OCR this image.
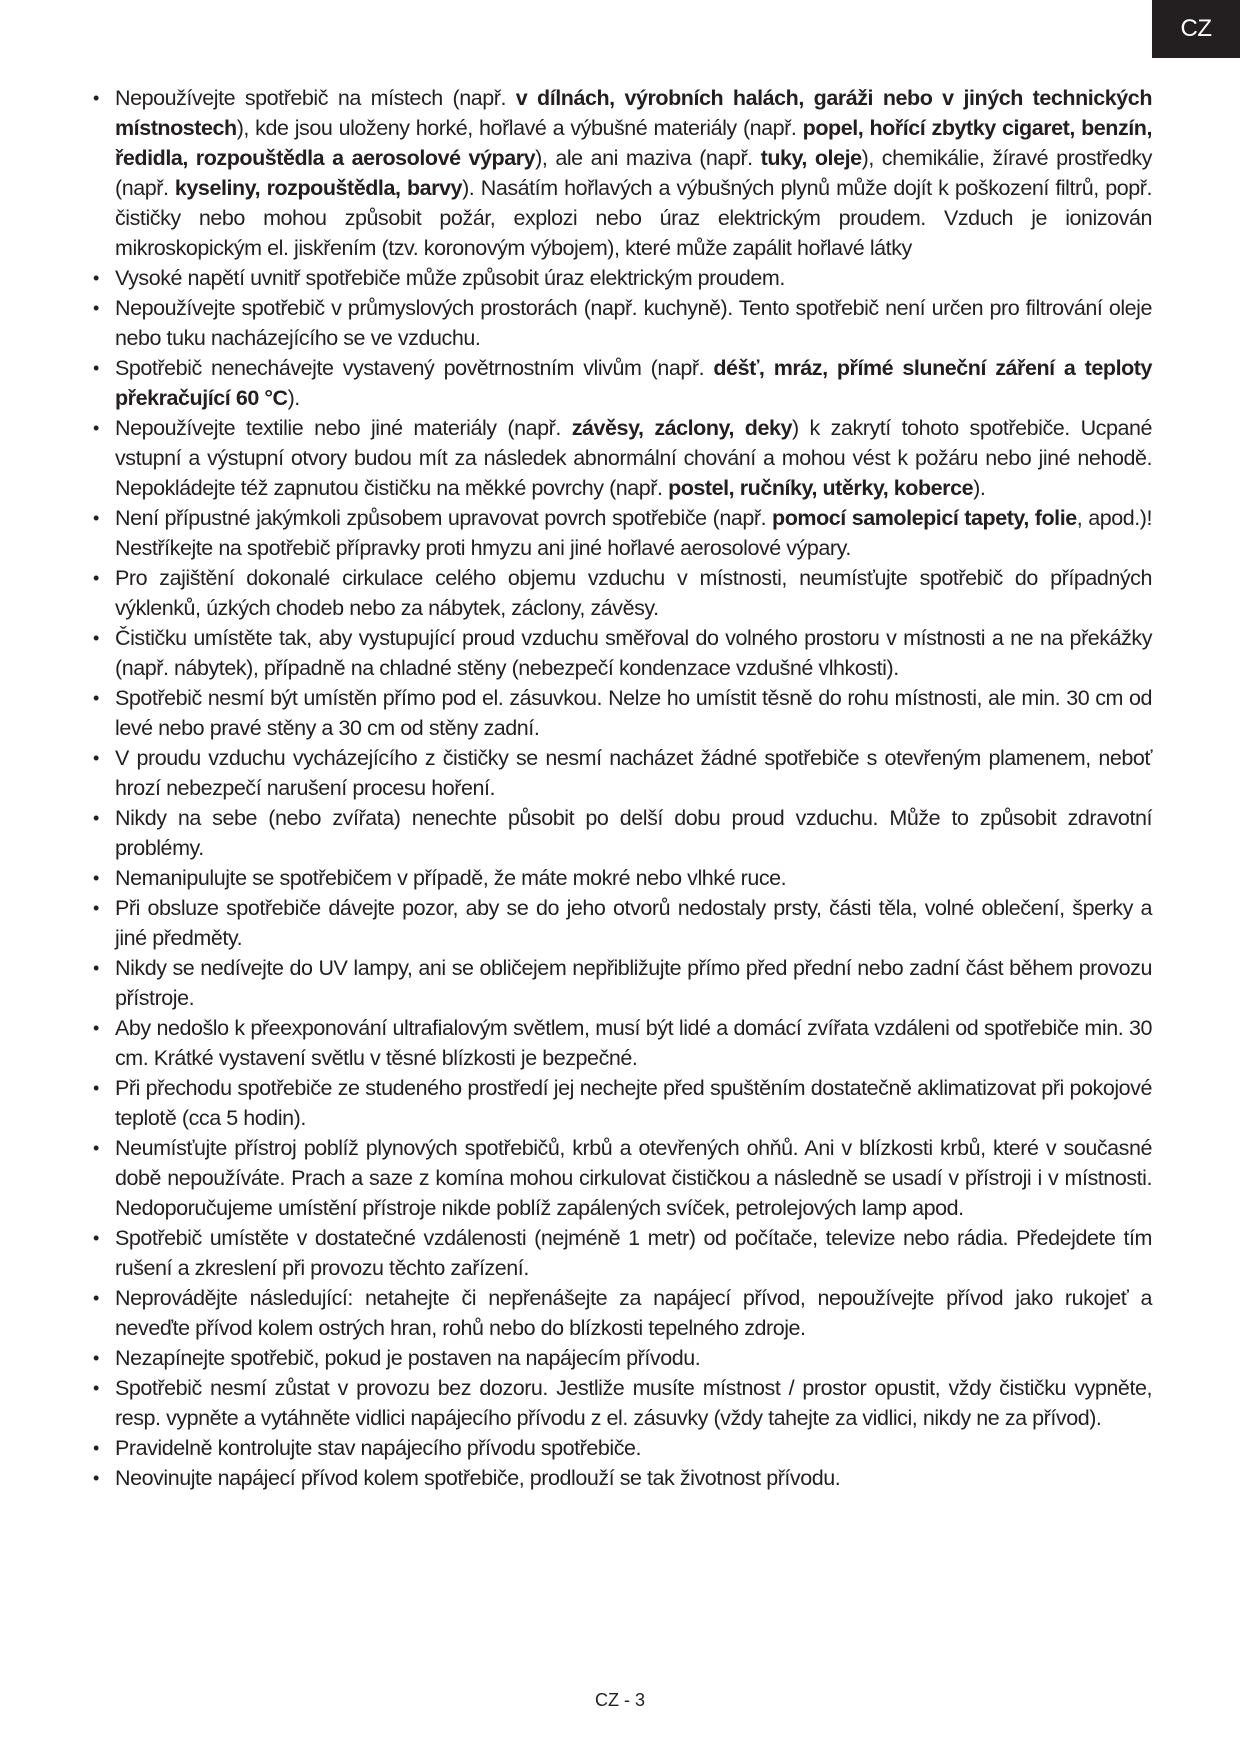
CZ
• Nepoužívejte spotřebič na místech (např. v dílnách, výrobních halách, garáži nebo v jiných technických místnostech), kde jsou uloženy horké, hořlavé a výbušné materiály (např. popel, hořící zbytky cigaret, benzín, ředidla, rozpouštědla a aerosolové výpary), ale ani maziva (např. tuky, oleje), chemikálie, žíravé prostředky (např. kyseliny, rozpouštědla, barvy). Nasátím hořlavých a výbušných plynů může dojít k poškození filtrů, popř. čističky nebo mohou způsobit požár, explozi nebo úraz elektrickým proudem. Vzduch je ionizován mikroskopickým el. jiskřením (tzv. koronovým výbojem), které může zapálit hořlavé látky
• Vysoké napětí uvnitř spotřebiče může způsobit úraz elektrickým proudem.
• Nepoužívejte spotřebič v průmyslových prostorách (např. kuchyně). Tento spotřebič není určen pro filtrování oleje nebo tuku nacházejícího se ve vzduchu.
• Spotřebič nenechávejte vystavený povětrnostním vlivům (např. déšť, mráz, přímé sluneční záření a teploty překračující 60 °C).
• Nepoužívejte textilie nebo jiné materiály (např. závěsy, záclony, deky) k zakrytí tohoto spotřebiče. Ucpané vstupní a výstupní otvory budou mít za následek abnormální chování a mohou vést k požáru nebo jiné nehodě. Nepokládejte též zapnutou čističku na měkké povrchy (např. postel, ručníky, utěrky, koberce).
• Není přípustné jakýmkoli způsobem upravovat povrch spotřebiče (např. pomocí samolepicí tapety, folie, apod.)! Nestříkejte na spotřebič přípravky proti hmyzu ani jiné hořlavé aerosolové výpary.
• Pro zajištění dokonalé cirkulace celého objemu vzduchu v místnosti, neumísťujte spotřebič do případných výklenků, úzkých chodeb nebo za nábytek, záclony, závěsy.
• Čističku umístěte tak, aby vystupující proud vzduchu směřoval do volného prostoru v místnosti a ne na překážky (např. nábytek), případně na chladné stěny (nebezpečí kondenzace vzdušné vlhkosti).
• Spotřebič nesmí být umístěn přímo pod el. zásuvkou. Nelze ho umístit těsně do rohu místnosti, ale min. 30 cm od levé nebo pravé stěny a 30 cm od stěny zadní.
• V proudu vzduchu vycházejícího z čističky se nesmí nacházet žádné spotřebiče s otevřeným plamenem, neboť hrozí nebezpečí narušení procesu hoření.
• Nikdy na sebe (nebo zvířata) nenechte působit po delší dobu proud vzduchu. Může to způsobit zdravotní problémy.
• Nemanipulujte se spotřebičem v případě, že máte mokré nebo vlhké ruce.
• Při obsluze spotřebiče dávejte pozor, aby se do jeho otvorů nedostaly prsty, části těla, volné oblečení, šperky a jiné předměty.
• Nikdy se nedívejte do UV lampy, ani se obličejem nepřibližujte přímo před přední nebo zadní část během provozu přístroje.
• Aby nedošlo k přeexponování ultrafialovým světlem, musí být lidé a domácí zvířata vzdáleni od spotřebiče min. 30 cm. Krátké vystavení světlu v těsné blízkosti je bezpečné.
• Při přechodu spotřebiče ze studeného prostředí jej nechejte před spuštěním dostatečně aklimatizovat při pokojové teplotě (cca 5 hodin).
• Neumísťujte přístroj poblíž plynových spotřebičů, krbů a otevřených ohňů. Ani v blízkosti krbů, které v současné době nepoužíváte. Prach a saze z komína mohou cirkulovat čističkou a následně se usadí v přístroji i v místnosti. Nedoporučujeme umístění přístroje nikde poblíž zapálených svíček, petrolejových lamp apod.
• Spotřebič umístěte v dostatečné vzdálenosti (nejméně 1 metr) od počítače, televize nebo rádia. Předejdete tím rušení a zkreslení při provozu těchto zařízení.
• Neprovádějte následující: netahejte či nepřenášejte za napájecí přívod, nepoužívejte přívod jako rukojeť a neveďte přívod kolem ostrých hran, rohů nebo do blízkosti tepelného zdroje.
• Nezapínejte spotřebič, pokud je postaven na napájecím přívodu.
• Spotřebič nesmí zůstat v provozu bez dozoru. Jestliže musíte místnost / prostor opustit, vždy čističku vypněte, resp. vypněte a vytáhněte vidlici napájecího přívodu z el. zásuvky (vždy tahejte za vidlici, nikdy ne za přívod).
• Pravidelně kontrolujte stav napájecího přívodu spotřebiče.
• Neovinujte napájecí přívod kolem spotřebiče, prodlouží se tak životnost přívodu.
CZ - 3
